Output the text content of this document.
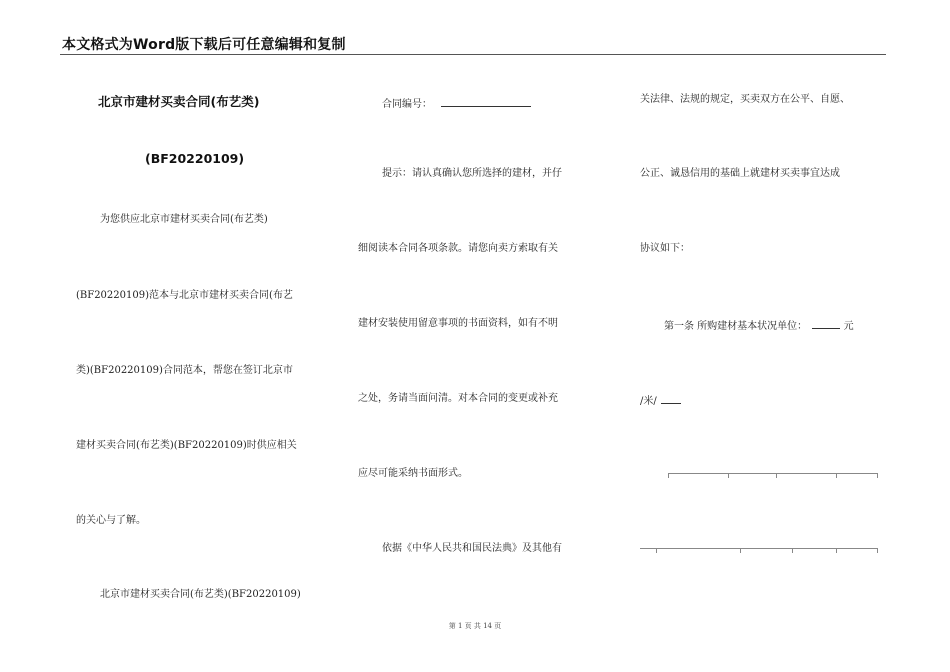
本文格式为Word版下载后可任意编辑和复制
北京市建材买卖合同(布艺类)
(BF20220109)
为您供应北京市建材买卖合同(布艺类)
(BF20220109)范本与北京市建材买卖合同(布艺
类)(BF20220109)合同范本，帮您在签订北京市
建材买卖合同(布艺类)(BF20220109)时供应相关
的关心与了解。
北京市建材买卖合同(布艺类)(BF20220109)
合同编号：
提示：请认真确认您所选择的建材，并仔
细阅读本合同各项条款。请您向卖方索取有关
建材安装使用留意事项的书面资料，如有不明
之处，务请当面问清。对本合同的变更或补充
应尽可能采纳书面形式。
依据《中华人民共和国民法典》及其他有
关法律、法规的规定，买卖双方在公平、自愿、
公正、诚恳信用的基础上就建材买卖事宜达成
协议如下：
第一条 所购建材基本状况单位：	元
/米/
第 1 页 共 14 页
